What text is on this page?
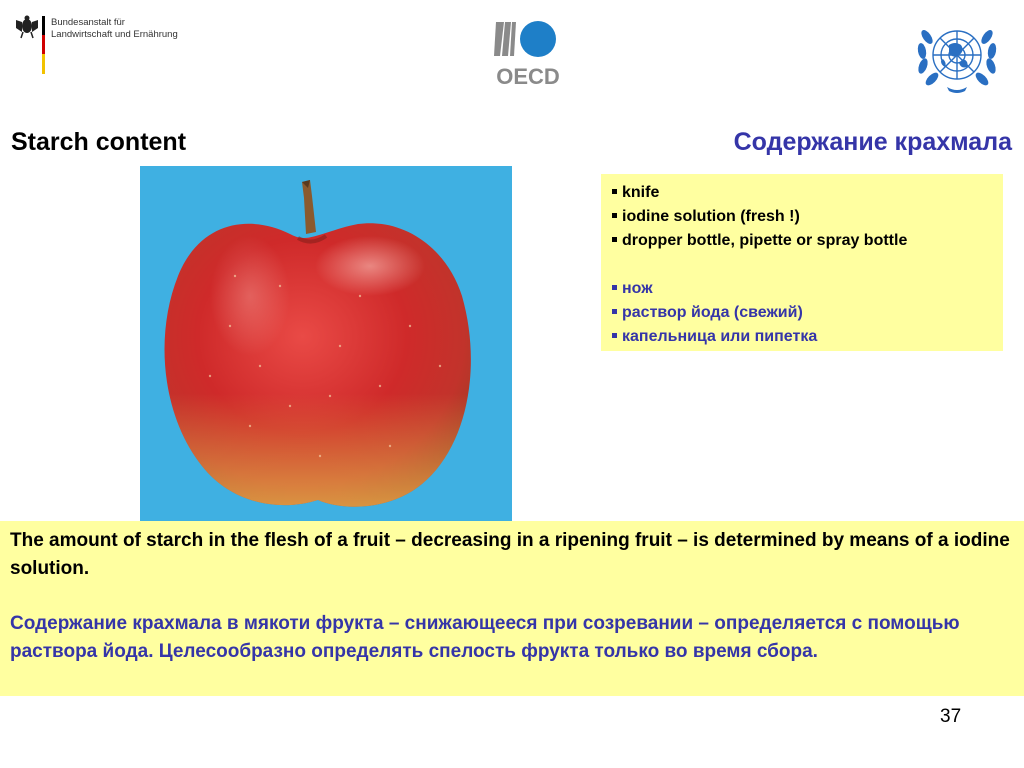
Bundesanstalt für
Landwirtschaft und Ernährung
OECD
Starch content	Содержание крахмала
knife
iodine solution (fresh !)
dropper bottle, pipette or spray bottle
нож
раствор йода (свежий)
капельница или пипетка
The amount of starch in the flesh of a fruit – decreasing in a ripening fruit – is determined by means of a iodine solution.
Содержание крахмала в мякоти фрукта – снижающееся при созревании – определяется с помощью раствора йода. Целесообразно определять спелость фрукта только во время сбора.
37
